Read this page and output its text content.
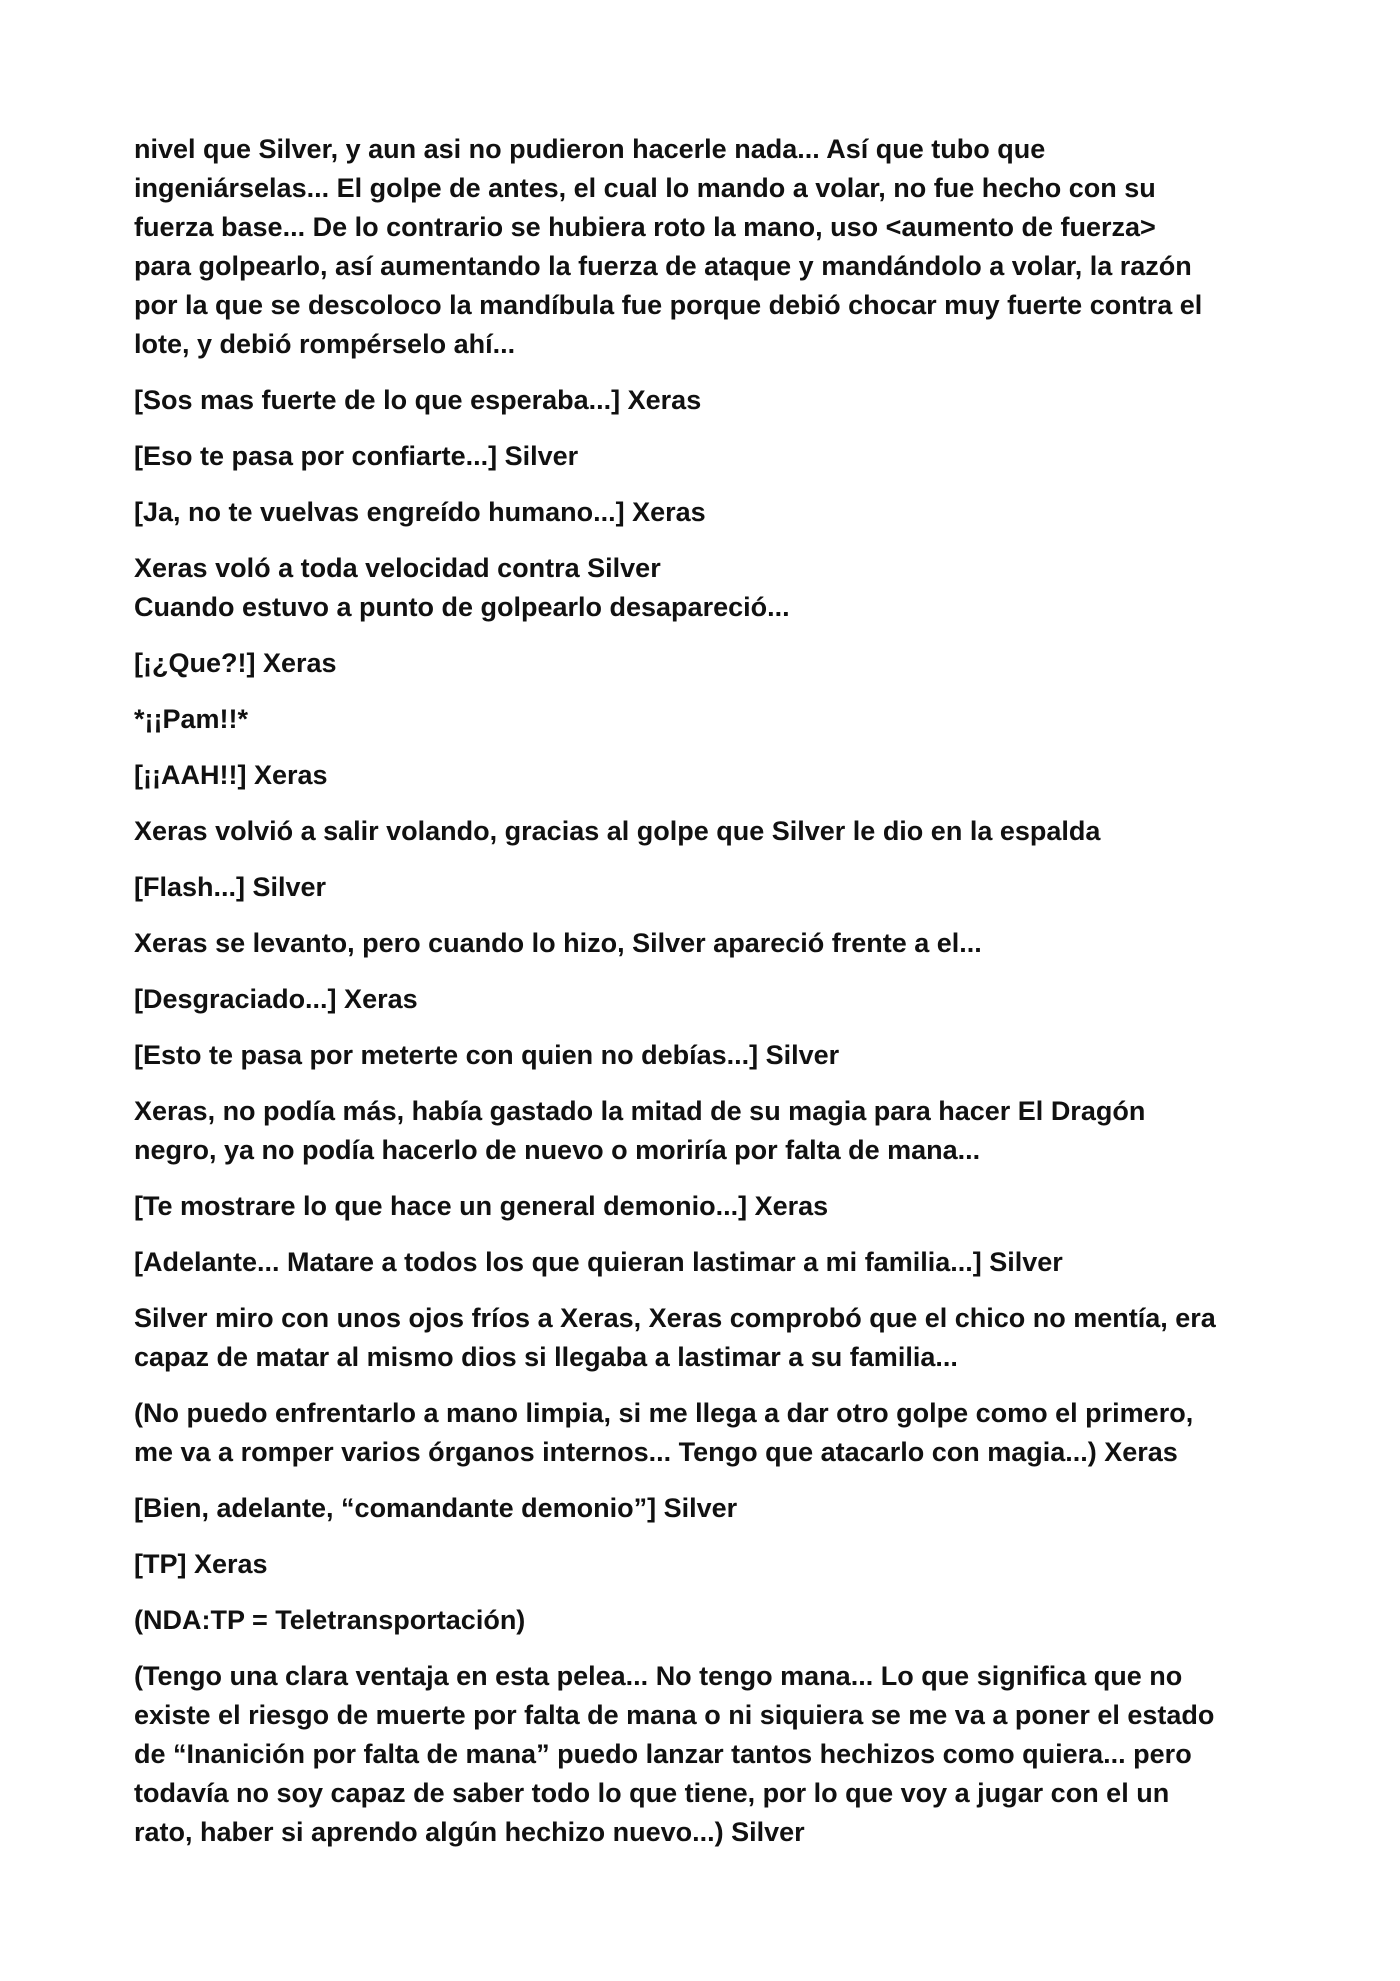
nivel que Silver, y aun asi no pudieron hacerle nada... Así que tubo que
ingeniárselas... El golpe de antes, el cual lo mando a volar, no fue hecho con su
fuerza base... De lo contrario se hubiera roto la mano, uso <aumento de fuerza>
para golpearlo, así aumentando la fuerza de ataque y mandándolo a volar, la razón
por la que se descoloco la mandíbula fue porque debió chocar muy fuerte contra el
lote, y debió rompérselo ahí...
[Sos mas fuerte de lo que esperaba...] Xeras
[Eso te pasa por confiarte...] Silver
[Ja, no te vuelvas engreído humano...] Xeras
Xeras voló a toda velocidad contra Silver
Cuando estuvo a punto de golpearlo desapareció...
[¡¿Que?!] Xeras
*¡¡Pam!!*
[¡¡AAH!!] Xeras
Xeras volvió a salir volando, gracias al golpe que Silver le dio en la espalda
[Flash...] Silver
Xeras se levanto, pero cuando lo hizo, Silver apareció frente a el...
[Desgraciado...] Xeras
[Esto te pasa por meterte con quien no debías...] Silver
Xeras, no podía más, había gastado la mitad de su magia para hacer El Dragón
negro, ya no podía hacerlo de nuevo o moriría por falta de mana...
[Te mostrare lo que hace un general demonio...] Xeras
[Adelante... Matare a todos los que quieran lastimar a mi familia...] Silver
Silver miro con unos ojos fríos a Xeras, Xeras comprobó que el chico no mentía, era
capaz de matar al mismo dios si llegaba a lastimar a su familia...
(No puedo enfrentarlo a mano limpia, si me llega a dar otro golpe como el primero,
me va a romper varios órganos internos... Tengo que atacarlo con magia...) Xeras
[Bien, adelante, “comandante demonio”] Silver
[TP] Xeras
(NDA:TP = Teletransportación)
(Tengo una clara ventaja en esta pelea... No tengo mana... Lo que significa que no
existe el riesgo de muerte por falta de mana o ni siquiera se me va a poner el estado
de “Inanición por falta de mana” puedo lanzar tantos hechizos como quiera... pero
todavía no soy capaz de saber todo lo que tiene, por lo que voy a jugar con el un
rato, haber si aprendo algún hechizo nuevo...) Silver
